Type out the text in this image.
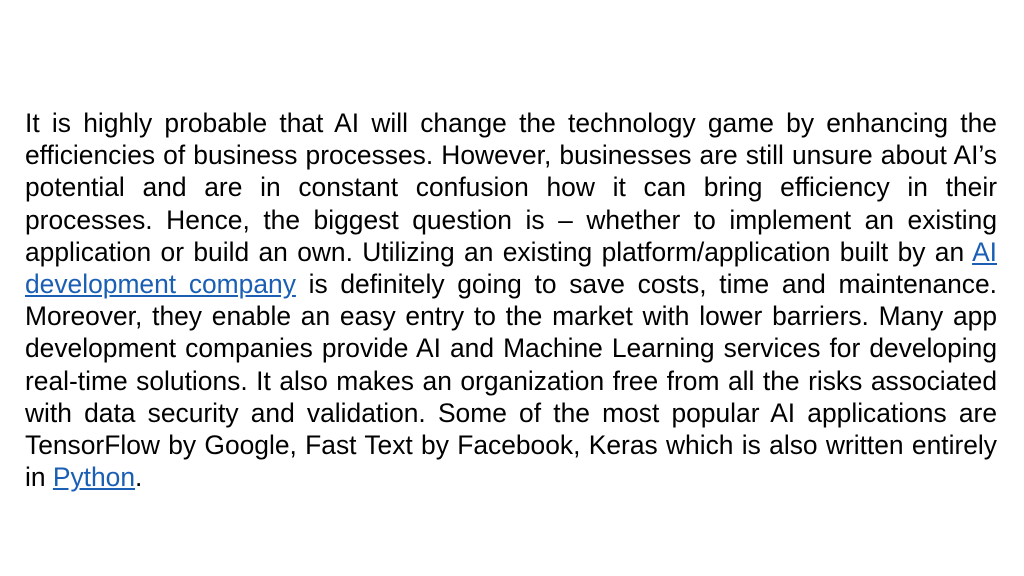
It is highly probable that AI will change the technology game by enhancing the efficiencies of business processes. However, businesses are still unsure about AI’s potential and are in constant confusion how it can bring efficiency in their processes. Hence, the biggest question is – whether to implement an existing application or build an own. Utilizing an existing platform/application built by an AI development company is definitely going to save costs, time and maintenance. Moreover, they enable an easy entry to the market with lower barriers. Many app development companies provide AI and Machine Learning services for developing real-time solutions. It also makes an organization free from all the risks associated with data security and validation. Some of the most popular AI applications are TensorFlow by Google, Fast Text by Facebook, Keras which is also written entirely in Python.
